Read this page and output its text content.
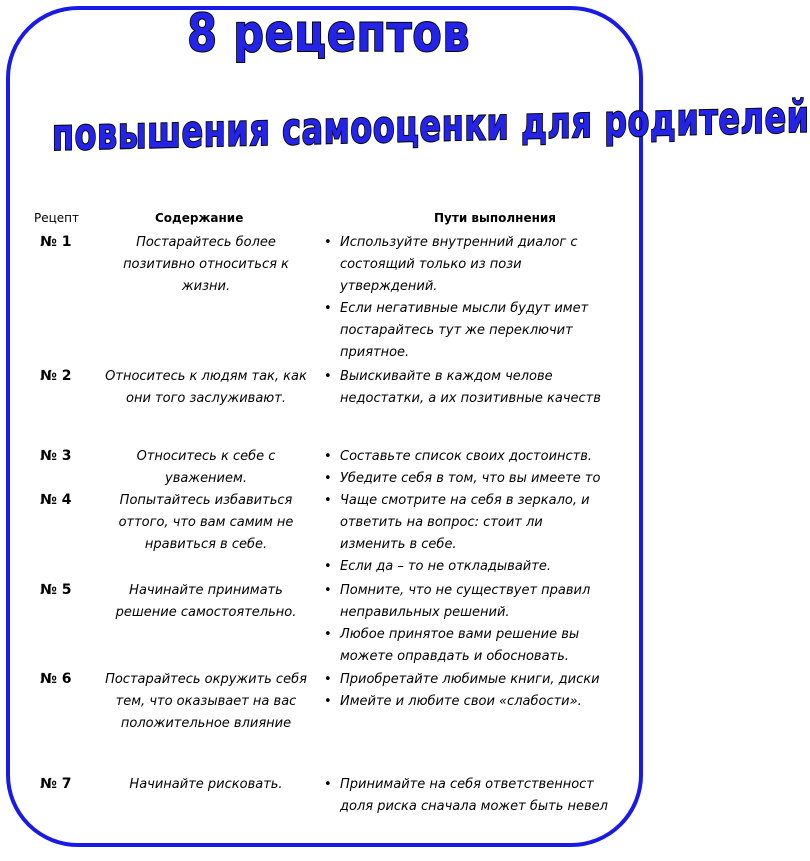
8 рецептов
повышения самооценки для родителей
Рецепт	Содержание	Пути выполнения
№ 1	Постарайтесь более позитивно относиться к жизни.
• Используйте внутренний диалог с
состоящий только из пози
утверждений.
• Если негативные мысли будут имет
постарайтесь тут же переключит
приятное.
№ 2	Относитесь к людям так, как они того заслуживают.
• Выискивайте в каждом челове
недостатки, а их позитивные качеств
№ 3	Относитесь к себе с уважением.
• Составьте список своих достоинств.
• Убедите себя в том, что вы имеете то
№ 4	Попытайтесь избавиться оттого, что вам самим не нравиться в себе.
• Чаще смотрите на себя в зеркало, и
ответить на вопрос: стоит ли
изменить в себе.
• Если да – то не откладывайте.
№ 5	Начинайте принимать решение самостоятельно.
• Помните, что не существует правил
неправильных решений.
• Любое принятое вами решение вы
можете оправдать и обосновать.
№ 6	Постарайтесь окружить себя тем, что оказывает на вас положительное влияние
• Приобретайте любимые книги, диски
• Имейте и любите свои «слабости».
№ 7	Начинайте рисковать.	• Принимайте на себя ответственност
доля риска сначала может быть невел
